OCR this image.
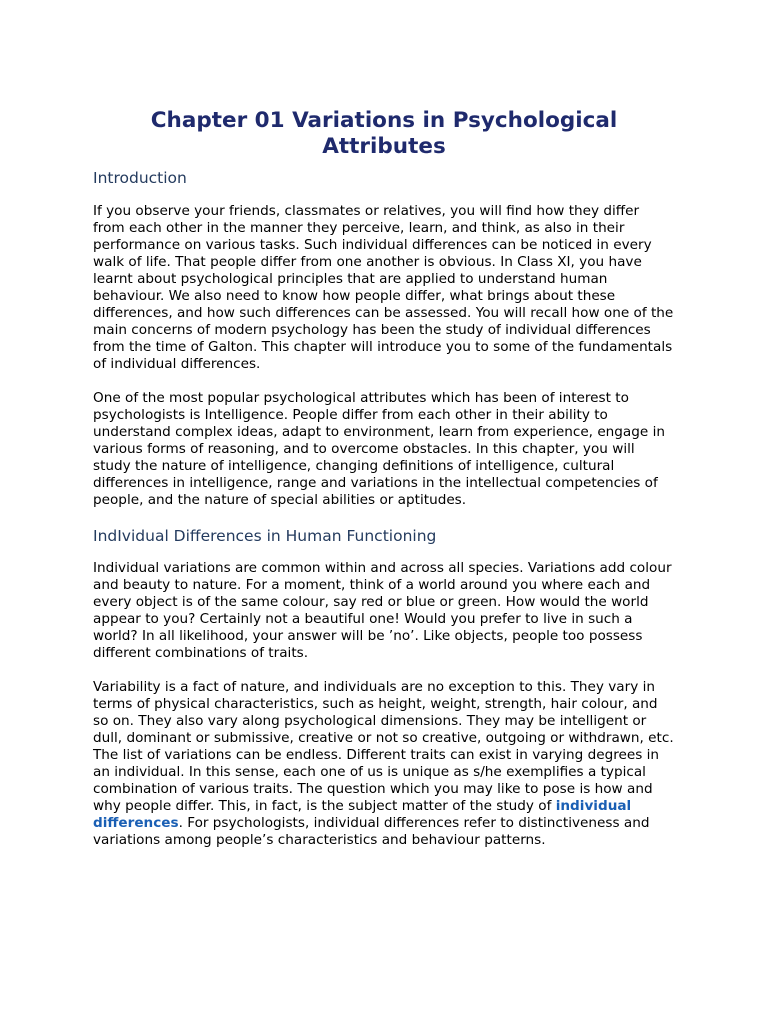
Chapter 01 Variations in Psychological Attributes
Introduction

If you observe your friends, classmates or relatives, you will find how they differ from each other in the manner they perceive, learn, and think, as also in their performance on various tasks. Such individual differences can be noticed in every walk of life. That people differ from one another is obvious. In Class XI, you have learnt about psychological principles that are applied to understand human behaviour. We also need to know how people differ, what brings about these differences, and how such differences can be assessed. You will recall how one of the main concerns of modern psychology has been the study of individual differences from the time of Galton. This chapter will introduce you to some of the fundamentals of individual differences.

One of the most popular psychological attributes which has been of interest to psychologists is Intelligence. People differ from each other in their ability to understand complex ideas, adapt to environment, learn from experience, engage in various forms of reasoning, and to overcome obstacles. In this chapter, you will study the nature of intelligence, changing definitions of intelligence, cultural differences in intelligence, range and variations in the intellectual competencies of people, and the nature of special abilities or aptitudes.

IndIvidual Differences in Human Functioning

Individual variations are common within and across all species. Variations add colour and beauty to nature. For a moment, think of a world around you where each and every object is of the same colour, say red or blue or green. How would the world appear to you? Certainly not a beautiful one! Would you prefer to live in such a world? In all likelihood, your answer will be ’no’. Like objects, people too possess different combinations of traits.

Variability is a fact of nature, and individuals are no exception to this. They vary in terms of physical characteristics, such as height, weight, strength, hair colour, and so on. They also vary along psychological dimensions. They may be intelligent or dull, dominant or submissive, creative or not so creative, outgoing or withdrawn, etc. The list of variations can be endless. Different traits can exist in varying degrees in an individual. In this sense, each one of us is unique as s/he exemplifies a typical combination of various traits. The question which you may like to pose is how and why people differ. This, in fact, is the subject matter of the study of individual differences. For psychologists, individual differences refer to distinctiveness and variations among people’s characteristics and behaviour patterns.
